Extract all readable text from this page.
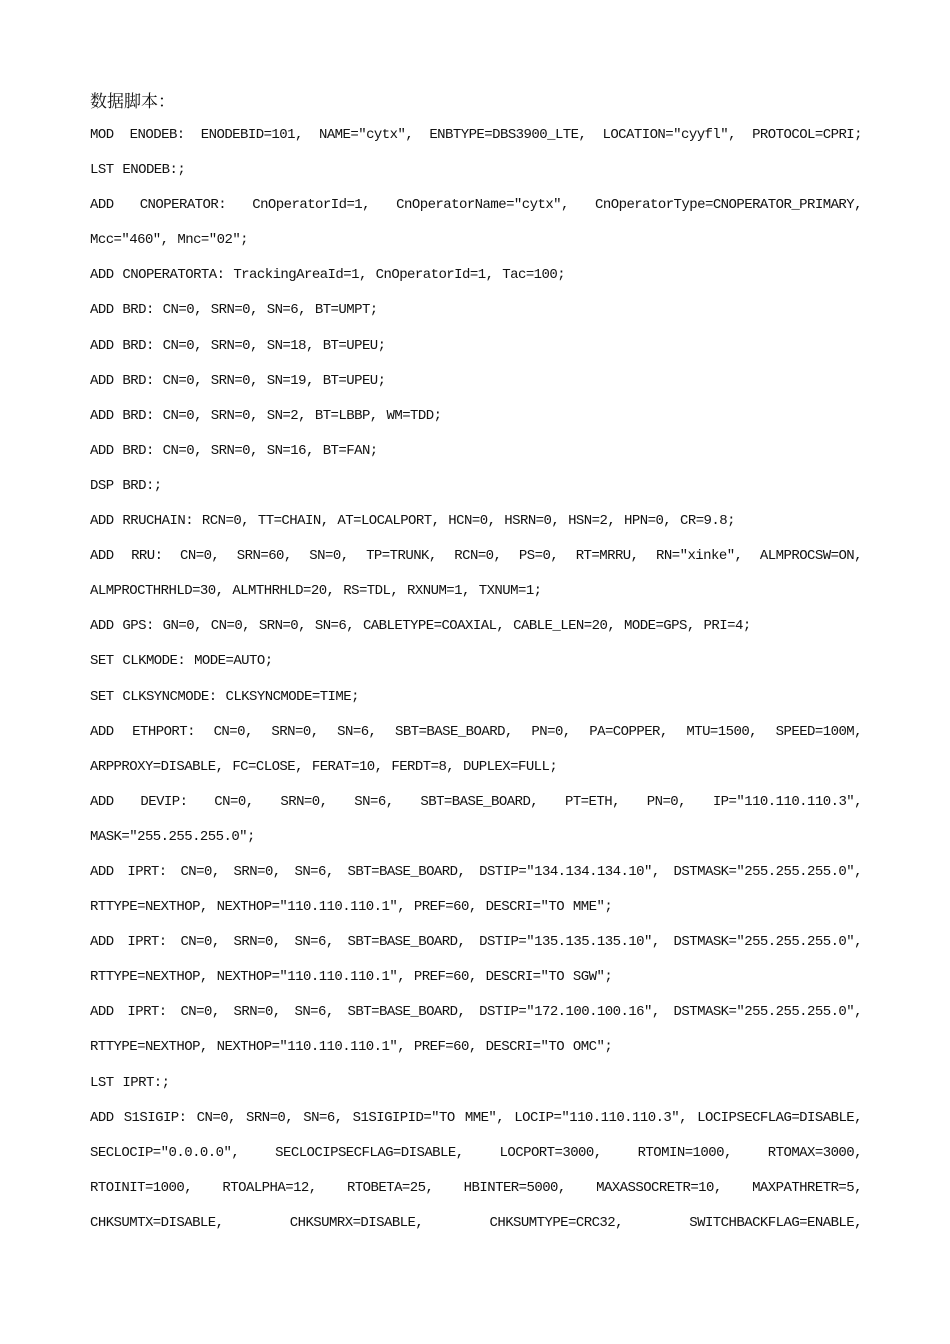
数据脚本：
MOD ENODEB: ENODEBID=101, NAME="cytx", ENBTYPE=DBS3900_LTE, LOCATION="cyyfl", PROTOCOL=CPRI;
LST ENODEB:;
ADD CNOPERATOR: CnOperatorId=1, CnOperatorName="cytx", CnOperatorType=CNOPERATOR_PRIMARY,
Mcc="460", Mnc="02";
ADD CNOPERATORTA: TrackingAreaId=1, CnOperatorId=1, Tac=100;
ADD BRD: CN=0, SRN=0, SN=6, BT=UMPT;
ADD BRD: CN=0, SRN=0, SN=18, BT=UPEU;
ADD BRD: CN=0, SRN=0, SN=19, BT=UPEU;
ADD BRD: CN=0, SRN=0, SN=2, BT=LBBP, WM=TDD;
ADD BRD: CN=0, SRN=0, SN=16, BT=FAN;
DSP BRD:;
ADD RRUCHAIN: RCN=0, TT=CHAIN, AT=LOCALPORT, HCN=0, HSRN=0, HSN=2, HPN=0, CR=9.8;
ADD RRU: CN=0, SRN=60, SN=0, TP=TRUNK, RCN=0, PS=0, RT=MRRU, RN="xinke", ALMPROCSW=ON,
ALMPROCTHRHLD=30, ALMTHRHLD=20, RS=TDL, RXNUM=1, TXNUM=1;
ADD GPS: GN=0, CN=0, SRN=0, SN=6, CABLETYPE=COAXIAL, CABLE_LEN=20, MODE=GPS, PRI=4;
SET CLKMODE: MODE=AUTO;
SET CLKSYNCMODE: CLKSYNCMODE=TIME;
ADD ETHPORT: CN=0, SRN=0, SN=6, SBT=BASE_BOARD, PN=0, PA=COPPER, MTU=1500, SPEED=100M,
ARPPROXY=DISABLE, FC=CLOSE, FERAT=10, FERDT=8, DUPLEX=FULL;
ADD DEVIP: CN=0, SRN=0, SN=6, SBT=BASE_BOARD, PT=ETH, PN=0, IP="110.110.110.3",
MASK="255.255.255.0";
ADD IPRT: CN=0, SRN=0, SN=6, SBT=BASE_BOARD, DSTIP="134.134.134.10", DSTMASK="255.255.255.0",
RTTYPE=NEXTHOP, NEXTHOP="110.110.110.1", PREF=60, DESCRI="TO MME";
ADD IPRT: CN=0, SRN=0, SN=6, SBT=BASE_BOARD, DSTIP="135.135.135.10", DSTMASK="255.255.255.0",
RTTYPE=NEXTHOP, NEXTHOP="110.110.110.1", PREF=60, DESCRI="TO SGW";
ADD IPRT: CN=0, SRN=0, SN=6, SBT=BASE_BOARD, DSTIP="172.100.100.16", DSTMASK="255.255.255.0",
RTTYPE=NEXTHOP, NEXTHOP="110.110.110.1", PREF=60, DESCRI="TO OMC";
LST IPRT:;
ADD S1SIGIP: CN=0, SRN=0, SN=6, S1SIGIPID="TO MME", LOCIP="110.110.110.3", LOCIPSECFLAG=DISABLE,
SECLOCIP="0.0.0.0", SECLOCIPSECFLAG=DISABLE, LOCPORT=3000, RTOMIN=1000, RTOMAX=3000,
RTOINIT=1000, RTOALPHA=12, RTOBETA=25, HBINTER=5000, MAXASSOCRETR=10, MAXPATHRETR=5,
CHKSUMTX=DISABLE, CHKSUMRX=DISABLE, CHKSUMTYPE=CRC32, SWITCHBACKFLAG=ENABLE,
